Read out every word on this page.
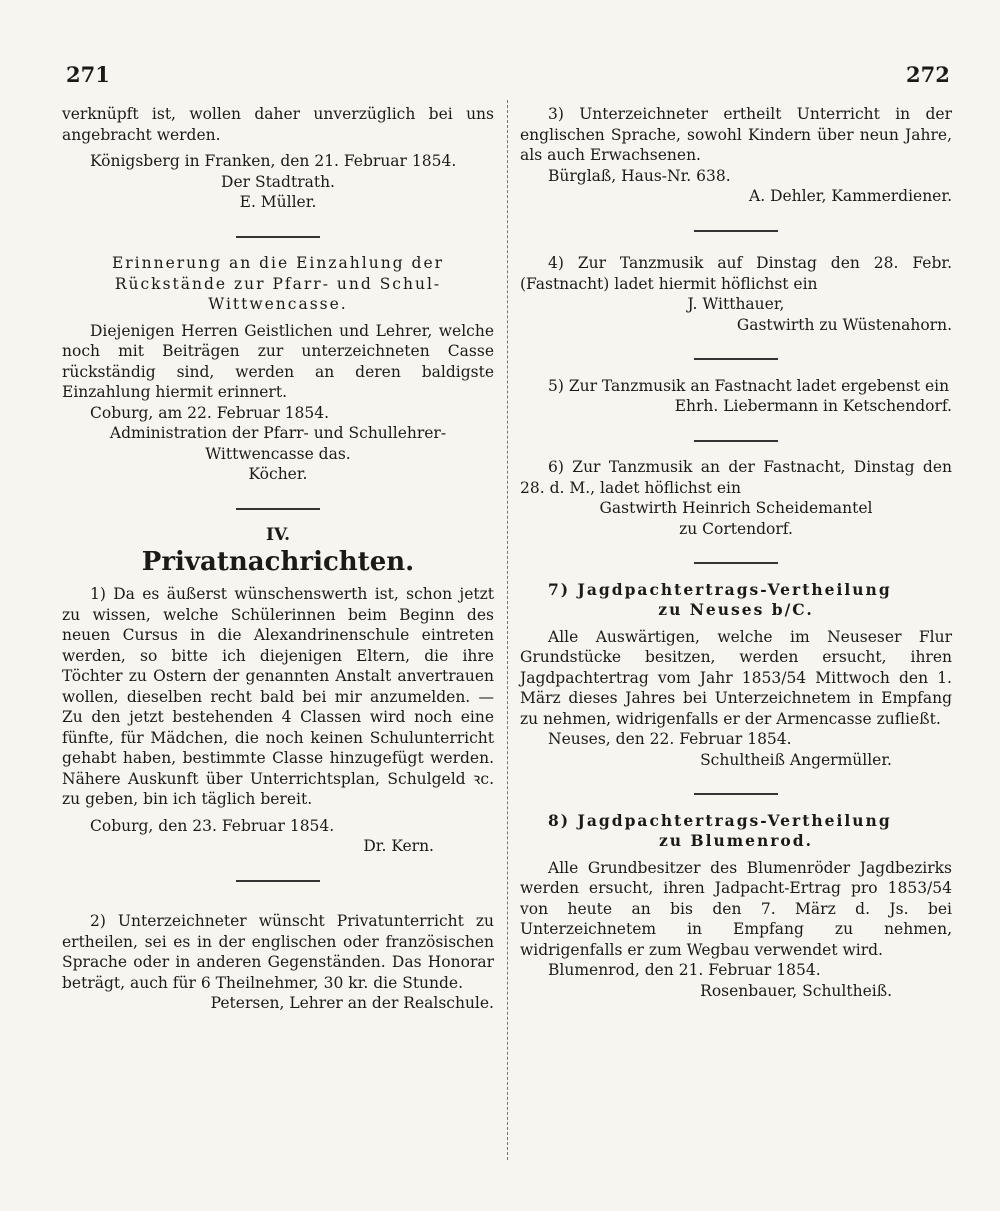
271	272

verknüpft ist, wollen daher unverzüglich bei uns angebracht werden.

Königsberg in Franken, den 21. Februar 1854.

Der Stadtrath.

E. Müller.

Erinnerung an die Einzahlung der Rückstände zur Pfarr- und Schul-Wittwencasse.

Diejenigen Herren Geistlichen und Lehrer, welche noch mit Beiträgen zur unterzeichneten Casse rückständig sind, werden an deren baldigste Einzahlung hiermit erinnert.

Coburg, am 22. Februar 1854.

Administration der Pfarr- und Schullehrer-Wittwencasse das.

Köcher.

IV.

Privatnachrichten.

1) Da es äußerst wünschenswerth ist, schon jetzt zu wissen, welche Schülerinnen beim Beginn des neuen Cursus in die Alexandrinenschule eintreten werden, so bitte ich diejenigen Eltern, die ihre Töchter zu Ostern der genannten Anstalt anvertrauen wollen, dieselben recht bald bei mir anzumelden. — Zu den jetzt bestehenden 4 Classen wird noch eine fünfte, für Mädchen, die noch keinen Schulunterricht gehabt haben, bestimmte Classe hinzugefügt werden. Nähere Auskunft über Unterrichtsplan, Schulgeld ꝛc. zu geben, bin ich täglich bereit.

Coburg, den 23. Februar 1854.

Dr. Kern.

2) Unterzeichneter wünscht Privatunterricht zu ertheilen, sei es in der englischen oder französischen Sprache oder in anderen Gegenständen. Das Honorar beträgt, auch für 6 Theilnehmer, 30 kr. die Stunde.

Petersen, Lehrer an der Realschule.

3) Unterzeichneter ertheilt Unterricht in der englischen Sprache, sowohl Kindern über neun Jahre, als auch Erwachsenen.

Bürglaß, Haus-Nr. 638.

A. Dehler, Kammerdiener.

4) Zur Tanzmusik auf Dinstag den 28. Febr. (Fastnacht) ladet hiermit höflichst ein

J. Witthauer,

Gastwirth zu Wüstenahorn.

5) Zur Tanzmusik an Fastnacht ladet ergebenst ein

Ehrh. Liebermann in Ketschendorf.

6) Zur Tanzmusik an der Fastnacht, Dinstag den 28. d. M., ladet höflichst ein

Gastwirth Heinrich Scheidemantel

zu Cortendorf.

7) Jagdpachtertrags-Vertheilung

zu Neuses b/C.

Alle Auswärtigen, welche im Neuseser Flur Grundstücke besitzen, werden ersucht, ihren Jagdpachtertrag vom Jahr 1853/54 Mittwoch den 1. März dieses Jahres bei Unterzeichnetem in Empfang zu nehmen, widrigenfalls er der Armencasse zufließt.

Neuses, den 22. Februar 1854.

Schultheiß Angermüller.

8) Jagdpachtertrags-Vertheilung

zu Blumenrod.

Alle Grundbesitzer des Blumenröder Jagdbezirks werden ersucht, ihren Jadpacht-Ertrag pro 1853/54 von heute an bis den 7. März d. Js. bei Unterzeichnetem in Empfang zu nehmen, widrigenfalls er zum Wegbau verwendet wird.

Blumenrod, den 21. Februar 1854.

Rosenbauer, Schultheiß.
